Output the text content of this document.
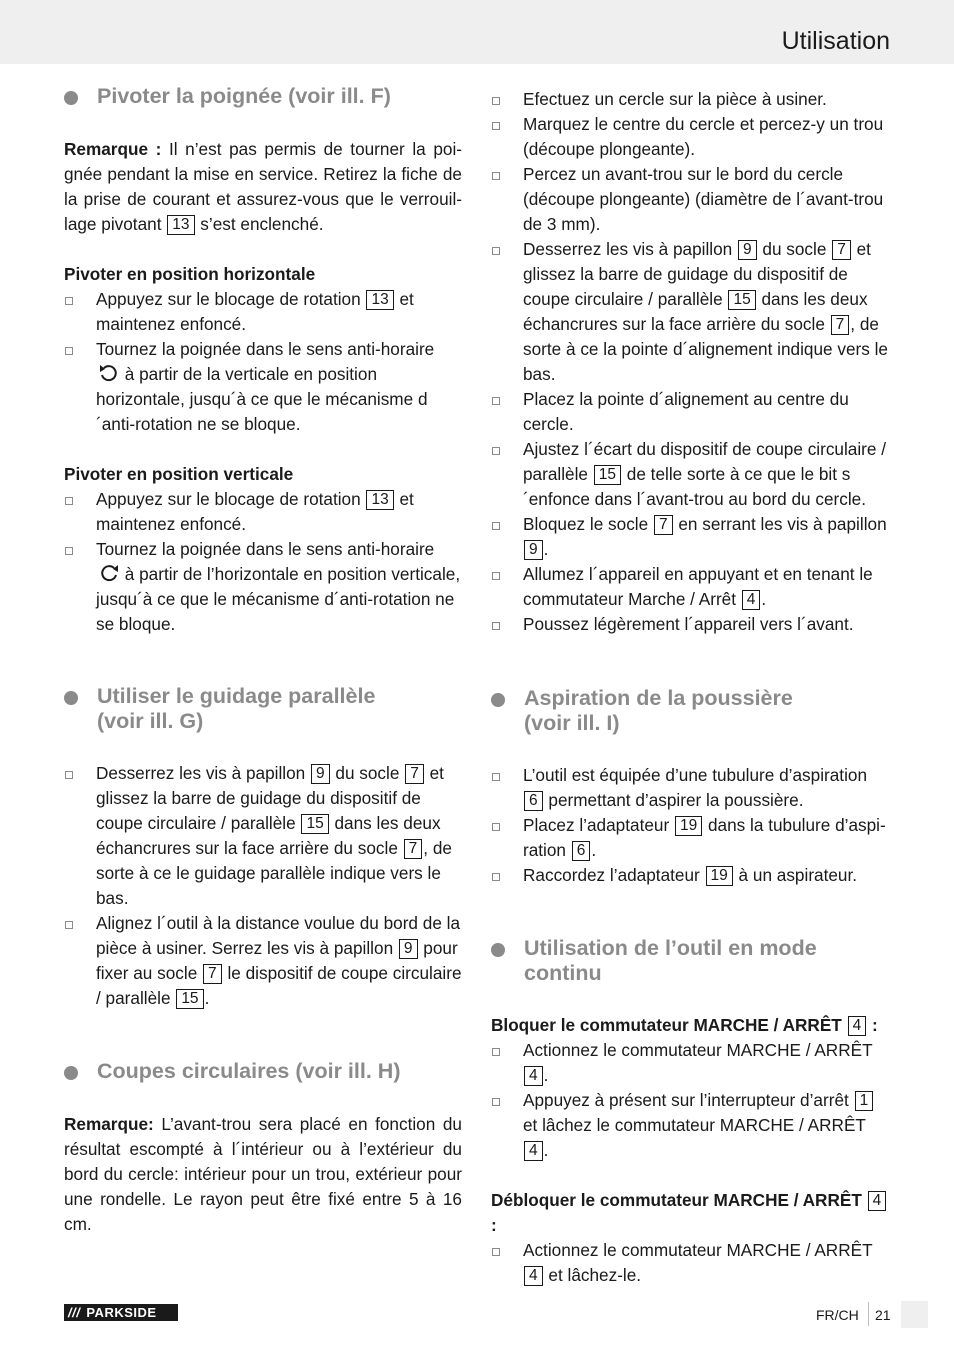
Utilisation
Pivoter la poignée (voir ill. F)

Remarque : Il n’est pas permis de tourner la poignée pendant la mise en service. Retirez la fiche de la prise de courant et assurez-vous que le verrouillage pivotant 13 s’est enclenché.

Pivoter en position horizontale

Appuyez sur le blocage de rotation 13 et maintenez enfoncé.
Tournez la poignée dans le sens anti-horaire  à partir de la verticale en position horizontale, jusqu´à ce que le mécanisme d´anti-rotation ne se bloque.

Pivoter en position verticale

Appuyez sur le blocage de rotation 13 et maintenez enfoncé.
Tournez la poignée dans le sens anti-horaire  à partir de l’horizontale en position verticale, jusqu´à ce que le mécanisme d´anti-rotation ne se bloque.
Utiliser le guidage parallèle
(voir ill. G)
Desserrez les vis à papillon 9 du socle 7 et glissez la barre de guidage du dispositif de coupe circulaire / parallèle 15 dans les deux échancrures sur la face arrière du socle 7 , de sorte à ce le guidage parallèle indique vers le bas.
Alignez l´outil à la distance voulue du bord de la pièce à usiner. Serrez les vis à papillon 9 pour fixer au socle 7 le dispositif de coupe circulaire / parallèle 15 .
Coupes circulaires (voir ill. H)

Remarque: L’avant-trou sera placé en fonction du résultat escompté à l´intérieur ou à l’extérieur du bord du cercle: intérieur pour un trou, extérieur pour une rondelle. Le rayon peut être fixé entre 5 à 16 cm.

Efectuez un cercle sur la pièce à usiner.
Marquez le centre du cercle et percez-y un trou (découpe plongeante).
Percez un avant-trou sur le bord du cercle (découpe plongeante) (diamètre de l´avant-trou de 3 mm).
Desserrez les vis à papillon 9 du socle 7 et glissez la barre de guidage du dispositif de coupe circulaire / parallèle 15 dans les deux échancrures sur la face arrière du socle 7 , de sorte à ce la pointe d´alignement indique vers le bas.
Placez la pointe d´alignement au centre du cercle.
Ajustez l´écart du dispositif de coupe circulaire / parallèle 15 de telle sorte à ce que le bit s´enfonce dans l´avant-trou au bord du cercle.
Bloquez le socle 7 en serrant les vis à papillon 9 .
Allumez l´appareil en appuyant et en tenant le commutateur Marche / Arrêt 4 .
Poussez légèrement l´appareil vers l´avant.
Aspiration de la poussière
(voir ill. I)
L’outil est équipée d’une tubulure d’aspiration 6 permettant d’aspirer la poussière.
Placez l’adaptateur 19 dans la tubulure d’aspiration 6 .
Raccordez l’adaptateur 19 à un aspirateur.
Utilisation de l’outil en mode
continu

Bloquer le commutateur MARCHE / ARRÊT 4 :

Actionnez le commutateur MARCHE / ARRÊT 4 .
Appuyez à présent sur l’interrupteur d’arrêt 1 et lâchez le commutateur MARCHE / ARRÊT 4 .

Débloquer le commutateur MARCHE / ARRÊT 4 :

Actionnez le commutateur MARCHE / ARRÊT 4 et lâchez-le.
/// PARKSIDE	FR/CH 21
